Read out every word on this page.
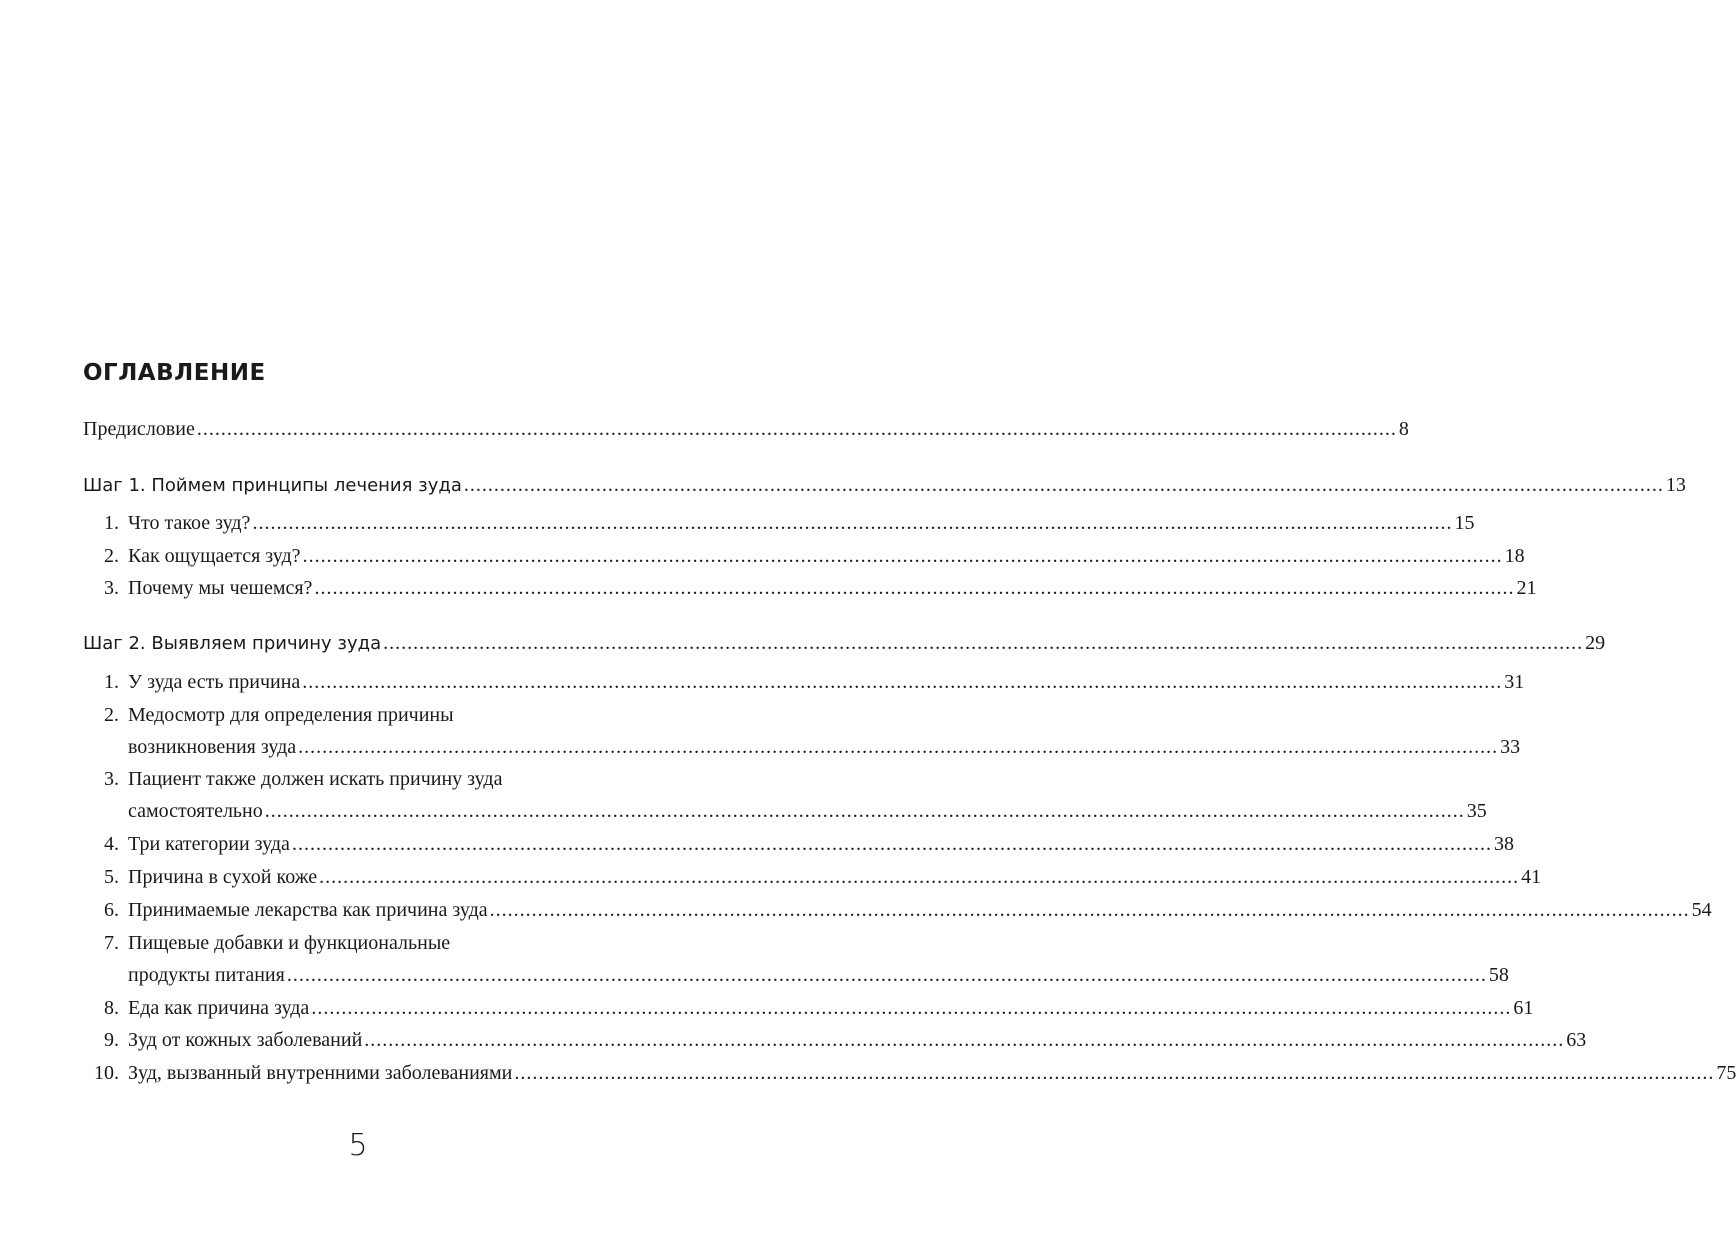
ОГЛАВЛЕНИЕ
Предисловие ........................................................................................................................................................................................................ 8
Шаг 1. Поймем принципы лечения зуда ........................................................................................................................................................................................................ 13
1. Что такое зуд? ........................................................................................................................................................................................................ 15
2. Как ощущается зуд? ........................................................................................................................................................................................................ 18
3. Почему мы чешемся? ........................................................................................................................................................................................................ 21
Шаг 2. Выявляем причину зуда ........................................................................................................................................................................................................ 29
1. У зуда есть причина ........................................................................................................................................................................................................ 31
2. Медосмотр для определения причины
возникновения зуда ........................................................................................................................................................................................................ 33
3. Пациент также должен искать причину зуда
самостоятельно ........................................................................................................................................................................................................ 35
4. Три категории зуда ........................................................................................................................................................................................................ 38
5. Причина в сухой коже ........................................................................................................................................................................................................ 41
6. Принимаемые лекарства как причина зуда ........................................................................................................................................................................................................ 54
7. Пищевые добавки и функциональные
продукты питания ........................................................................................................................................................................................................ 58
8. Еда как причина зуда ........................................................................................................................................................................................................ 61
9. Зуд от кожных заболеваний ........................................................................................................................................................................................................ 63
10. Зуд, вызванный внутренними заболеваниями ........................................................................................................................................................................................................ 75
5
